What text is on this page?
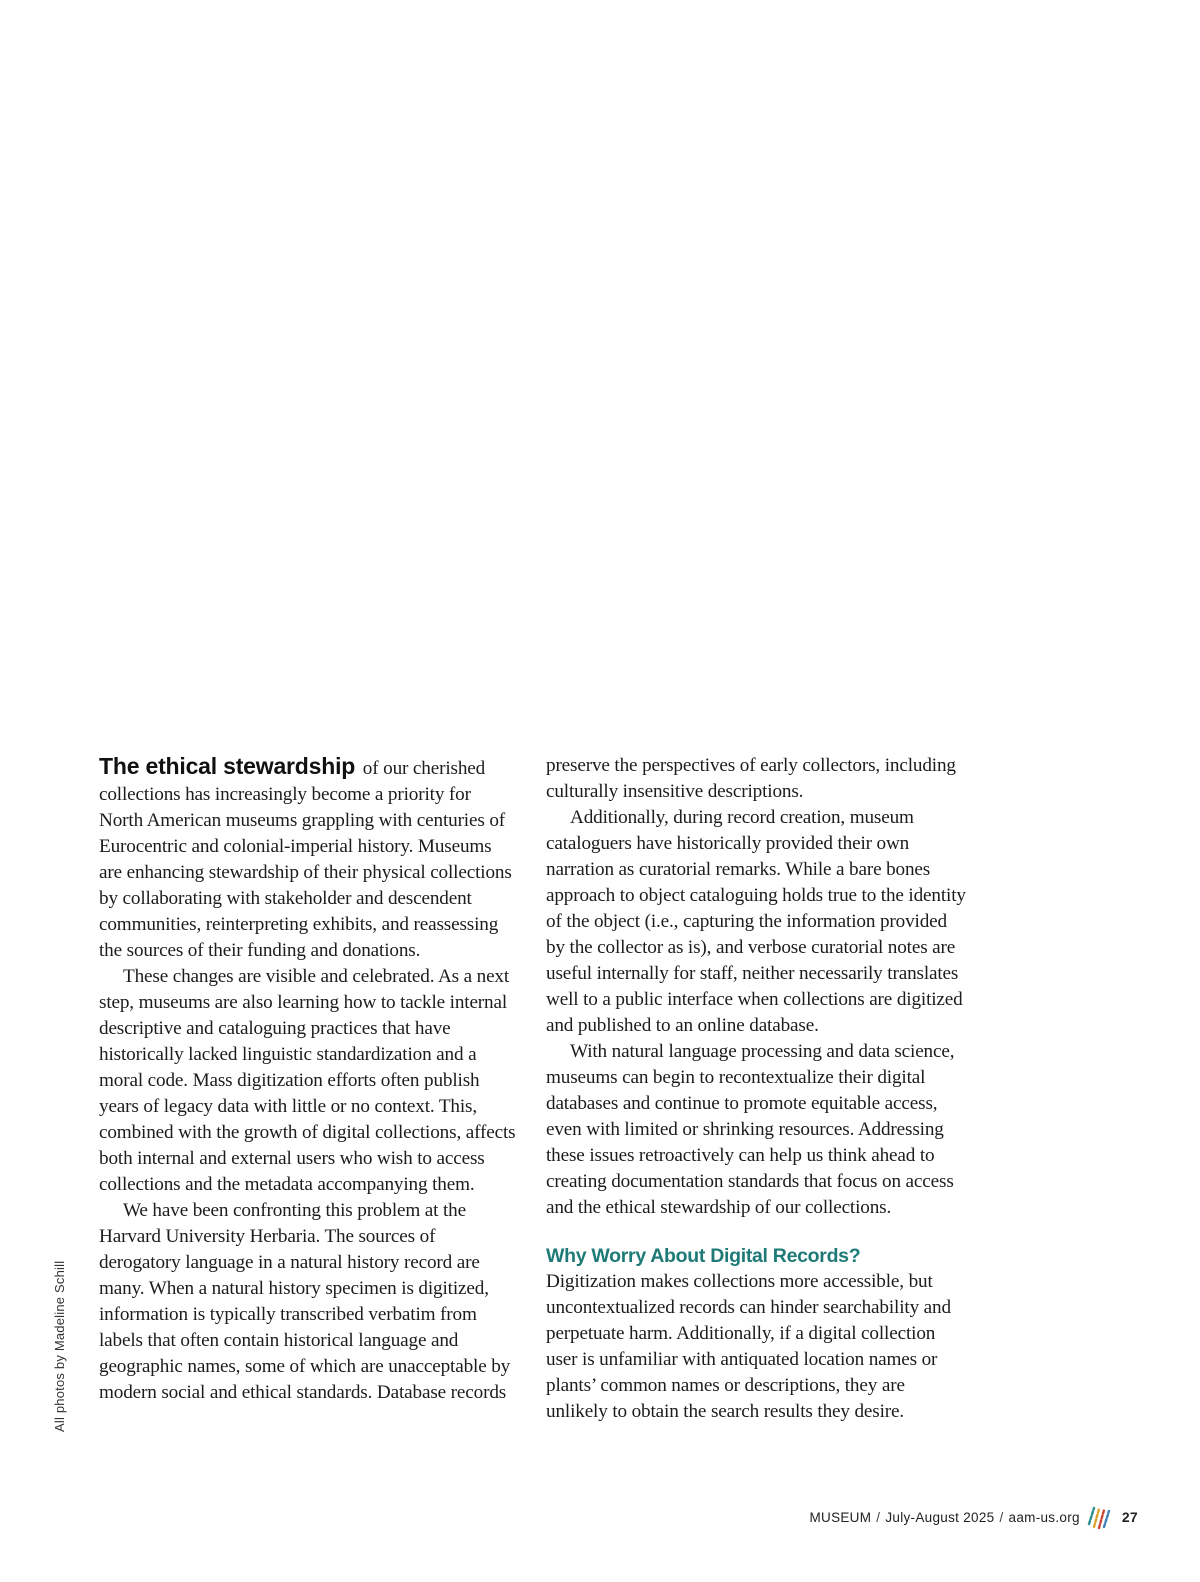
All photos by Madeline Schill

The ethical stewardship of our cherished collections has increasingly become a priority for North American museums grappling with centuries of Eurocentric and colonial-imperial history. Museums are enhancing stewardship of their physical collections by collaborating with stakeholder and descendent communities, reinterpreting exhibits, and reassessing the sources of their funding and donations.

These changes are visible and celebrated. As a next step, museums are also learning how to tackle internal descriptive and cataloguing practices that have historically lacked linguistic standardization and a moral code. Mass digitization efforts often publish years of legacy data with little or no context. This, combined with the growth of digital collections, affects both internal and external users who wish to access collections and the metadata accompanying them.

We have been confronting this problem at the Harvard University Herbaria. The sources of derogatory language in a natural history record are many. When a natural history specimen is digitized, information is typically transcribed verbatim from labels that often contain historical language and geographic names, some of which are unacceptable by modern social and ethical standards. Database records

preserve the perspectives of early collectors, including culturally insensitive descriptions.

Additionally, during record creation, museum cataloguers have historically provided their own narration as curatorial remarks. While a bare bones approach to object cataloguing holds true to the identity of the object (i.e., capturing the information provided by the collector as is), and verbose curatorial notes are useful internally for staff, neither necessarily translates well to a public interface when collections are digitized and published to an online database.

With natural language processing and data science, museums can begin to recontextualize their digital databases and continue to promote equitable access, even with limited or shrinking resources. Addressing these issues retroactively can help us think ahead to creating documentation standards that focus on access and the ethical stewardship of our collections.

Why Worry About Digital Records?

Digitization makes collections more accessible, but uncontextualized records can hinder searchability and perpetuate harm. Additionally, if a digital collection user is unfamiliar with antiquated location names or plants’ common names or descriptions, they are unlikely to obtain the search results they desire.

MUSEUM / July-August 2025 / aam-us.org	27
